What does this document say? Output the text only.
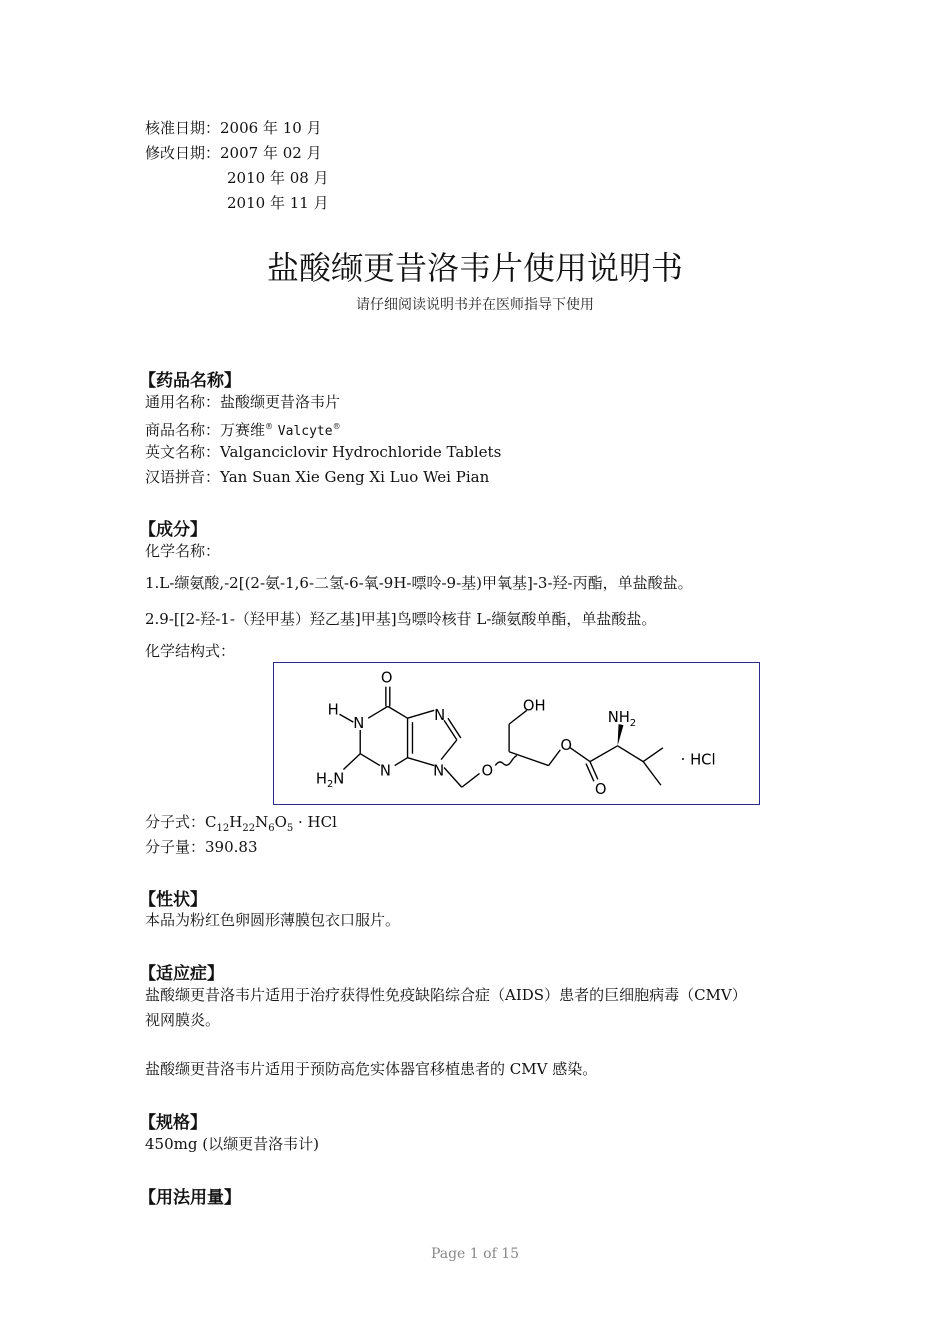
核准日期：2006 年 10 月
修改日期：2007 年 02 月
2010 年 08 月
2010 年 11 月
盐酸缬更昔洛韦片使用说明书
请仔细阅读说明书并在医师指导下使用
【药品名称】
通用名称：盐酸缬更昔洛韦片
商品名称：万赛维® Valcyte®
英文名称：Valganciclovir Hydrochloride Tablets
汉语拼音：Yan Suan Xie Geng Xi Luo Wei Pian
【成分】
化学名称：
1.L-缬氨酸,-2[(2-氨-1,6-二氢-6-氧-9H-嘌呤-9-基)甲氧基]-3-羟-丙酯，单盐酸盐。
2.9-[[2-羟-1-（羟甲基）羟乙基]甲基]鸟嘌呤核苷 L-缬氨酸单酯，单盐酸盐。
化学结构式：
O
H
N	N
$H_2N$ N	N O
OH
O
O
$NH_2$
· HCl
分子式：$C_{12}H_{22}N_6O_5$ · HCl
分子量：390.83
【性状】
本品为粉红色卵圆形薄膜包衣口服片。
【适应症】
盐酸缬更昔洛韦片适用于治疗获得性免疫缺陷综合症（AIDS）患者的巨细胞病毒（CMV）
视网膜炎。
盐酸缬更昔洛韦片适用于预防高危实体器官移植患者的 CMV 感染。
【规格】
450mg (以缬更昔洛韦计)
【用法用量】
Page 1 of 15
